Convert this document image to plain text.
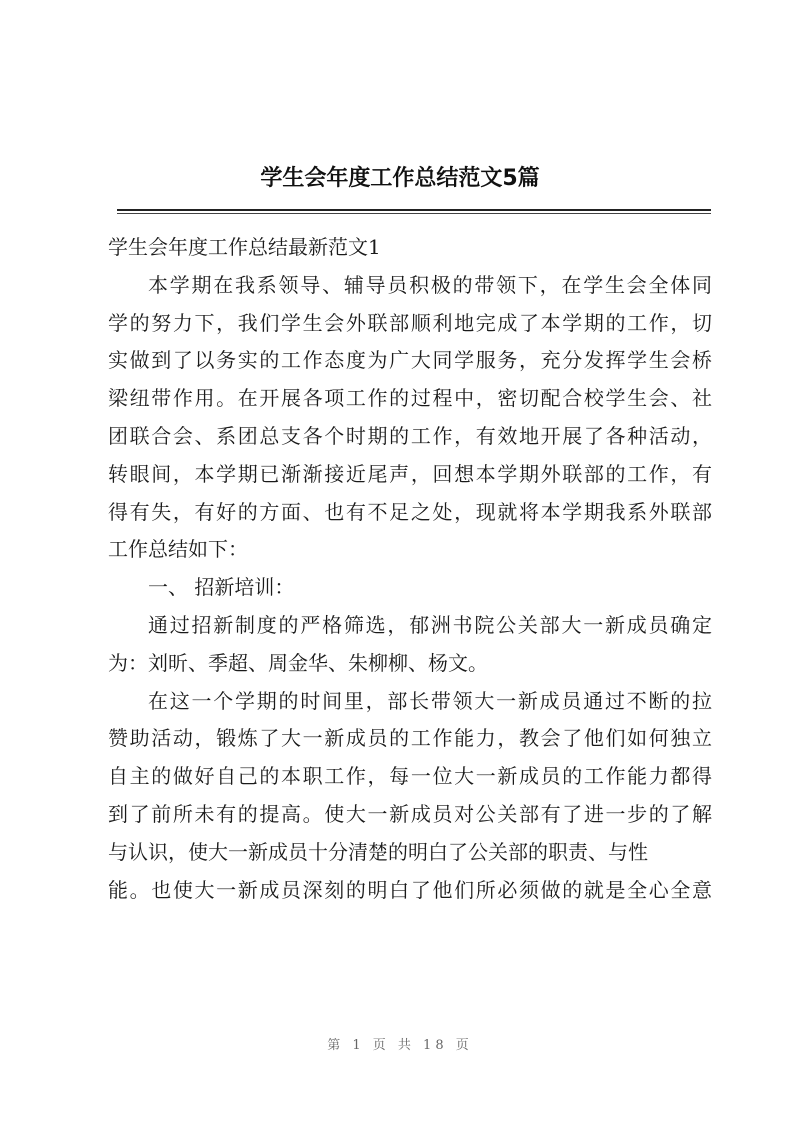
学生会年度工作总结范文5篇
学生会年度工作总结最新范文1
本学期在我系领导、辅导员积极的带领下，在学生会全体同
学的努力下，我们学生会外联部顺利地完成了本学期的工作，切
实做到了以务实的工作态度为广大同学服务，充分发挥学生会桥
梁纽带作用。在开展各项工作的过程中，密切配合校学生会、社
团联合会、系团总支各个时期的工作，有效地开展了各种活动，
转眼间，本学期已渐渐接近尾声，回想本学期外联部的工作，有
得有失，有好的方面、也有不足之处，现就将本学期我系外联部
工作总结如下：
一、 招新培训：
通过招新制度的严格筛选，郁洲书院公关部大一新成员确定
为：刘昕、季超、周金华、朱柳柳、杨文。
在这一个学期的时间里，部长带领大一新成员通过不断的拉
赞助活动，锻炼了大一新成员的工作能力，教会了他们如何独立
自主的做好自己的本职工作，每一位大一新成员的工作能力都得
到了前所未有的提高。使大一新成员对公关部有了进一步的了解
与认识，使大一新成员十分清楚的明白了公关部的职责、与性
能。也使大一新成员深刻的明白了他们所必须做的就是全心全意
第 1 页 共 18 页
